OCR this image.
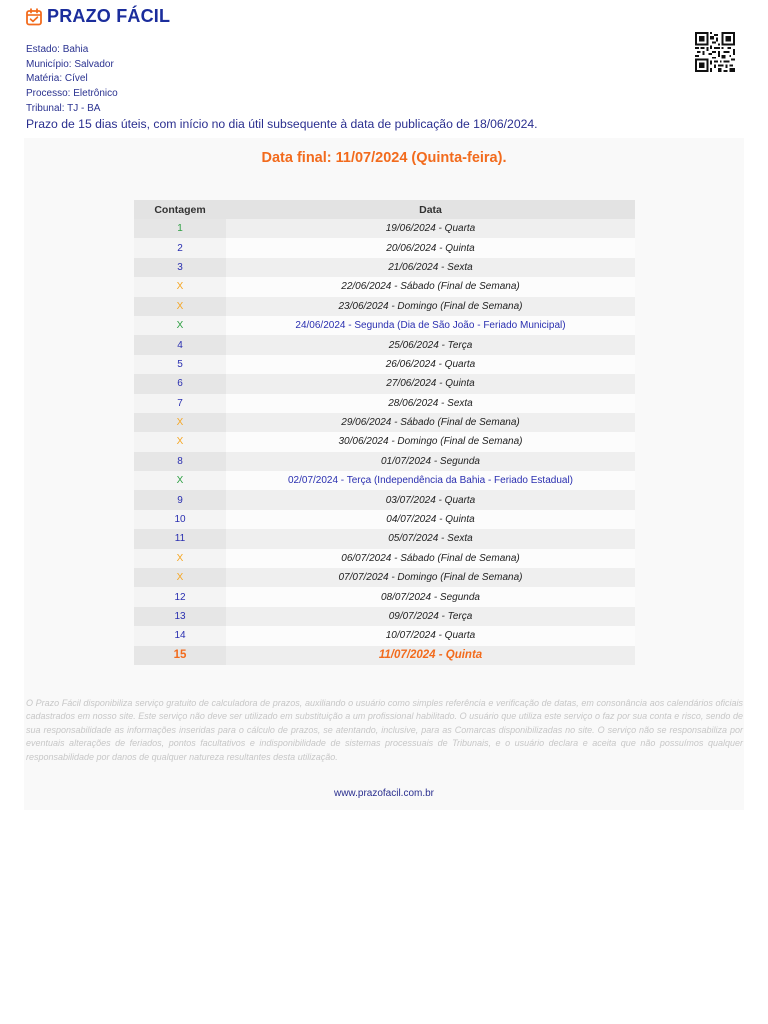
PRAZO FÁCIL
Estado: Bahia
Município: Salvador
Matéria: Cível
Processo: Eletrônico
Tribunal: TJ - BA
Prazo de 15 dias úteis, com início no dia útil subsequente à data de publicação de 18/06/2024.
Data final: 11/07/2024 (Quinta-feira).
Contagem	Data
1	19/06/2024 - Quarta
2	20/06/2024 - Quinta
3	21/06/2024 - Sexta
X	22/06/2024 - Sábado (Final de Semana)
X	23/06/2024 - Domingo (Final de Semana)
X	24/06/2024 - Segunda (Dia de São João - Feriado Municipal)
4	25/06/2024 - Terça
5	26/06/2024 - Quarta
6	27/06/2024 - Quinta
7	28/06/2024 - Sexta
X	29/06/2024 - Sábado (Final de Semana)
X	30/06/2024 - Domingo (Final de Semana)
8	01/07/2024 - Segunda
X	02/07/2024 - Terça (Independência da Bahia - Feriado Estadual)
9	03/07/2024 - Quarta
10	04/07/2024 - Quinta
11	05/07/2024 - Sexta
X	06/07/2024 - Sábado (Final de Semana)
X	07/07/2024 - Domingo (Final de Semana)
12	08/07/2024 - Segunda
13	09/07/2024 - Terça
14	10/07/2024 - Quarta
15	11/07/2024 - Quinta
O Prazo Fácil disponibiliza serviço gratuito de calculadora de prazos, auxiliando o usuário como simples referência e verificação de datas, em consonância aos calendários oficiais cadastrados em nosso site. Este serviço não deve ser utilizado em substituição a um profissional habilitado. O usuário que utiliza este serviço o faz por sua conta e risco, sendo de sua responsabilidade as informações inseridas para o cálculo de prazos, se atentando, inclusive, para as Comarcas disponibilizadas no site. O serviço não se responsabiliza por eventuais alterações de feriados, pontos facultativos e indisponibilidade de sistemas processuais de Tribunais, e o usuário declara e aceita que não possuímos qualquer responsabilidade por danos de qualquer natureza resultantes desta utilização.
www.prazofacil.com.br
